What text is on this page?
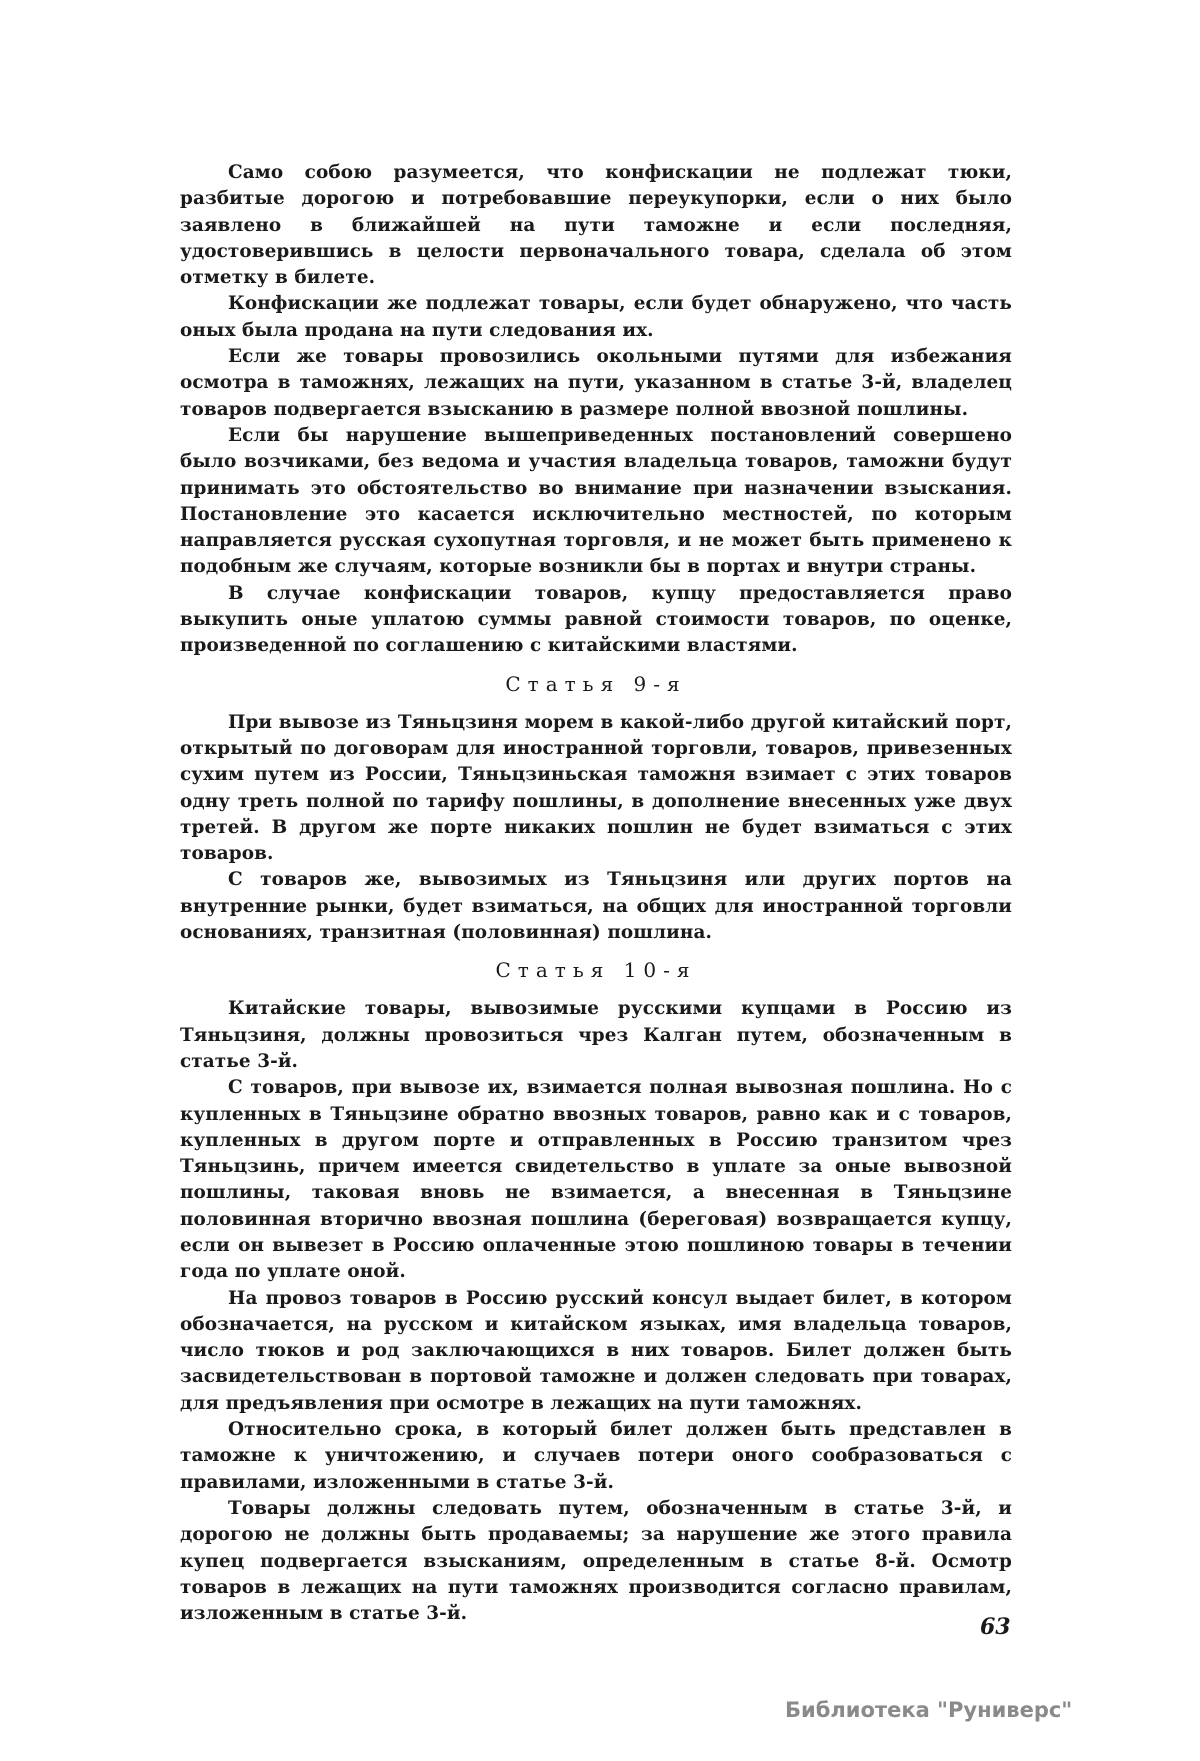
Само собою разумеется, что конфискации не подлежат тюки, разбитые дорогою и потребовавшие переукупорки, если о них было заявлено в ближайшей на пути таможне и если последняя, удостоверившись в целости первоначального товара, сделала об этом отметку в билете.

Конфискации же подлежат товары, если будет обнаружено, что часть оных была продана на пути следования их.

Если же товары провозились окольными путями для избежания осмотра в таможнях, лежащих на пути, указанном в статье 3-й, владелец товаров подвергается взысканию в размере полной ввозной пошлины.

Если бы нарушение вышеприведенных постановлений совершено было возчиками, без ведома и участия владельца товаров, таможни будут принимать это обстоятельство во внимание при назначении взыскания. Постановление это касается исключительно местностей, по которым направляется русская сухопутная торговля, и не может быть применено к подобным же случаям, которые возникли бы в портах и внутри страны.

В случае конфискации товаров, купцу предоставляется право выкупить оные уплатою суммы равной стоимости товаров, по оценке, произведенной по соглашению с китайскими властями.

Статья 9-я

При вывозе из Тяньцзиня морем в какой-либо другой китайский порт, открытый по договорам для иностранной торговли, товаров, привезенных сухим путем из России, Тяньцзиньская таможня взимает с этих товаров одну треть полной по тарифу пошлины, в дополнение внесенных уже двух третей. В другом же порте никаких пошлин не будет взиматься с этих товаров.

С товаров же, вывозимых из Тяньцзиня или других портов на внутренние рынки, будет взиматься, на общих для иностранной торговли основаниях, транзитная (половинная) пошлина.

Статья 10-я

Китайские товары, вывозимые русскими купцами в Россию из Тяньцзиня, должны провозиться чрез Калган путем, обозначенным в статье 3-й.

С товаров, при вывозе их, взимается полная вывозная пошлина. Но с купленных в Тяньцзине обратно ввозных товаров, равно как и с товаров, купленных в другом порте и отправленных в Россию транзитом чрез Тяньцзинь, причем имеется свидетельство в уплате за оные вывозной пошлины, таковая вновь не взимается, а внесенная в Тяньцзине половинная вторично ввозная пошлина (береговая) возвращается купцу, если он вывезет в Россию оплаченные этою пошлиною товары в течении года по уплате оной.

На провоз товаров в Россию русский консул выдает билет, в котором обозначается, на русском и китайском языках, имя владельца товаров, число тюков и род заключающихся в них товаров. Билет должен быть засвидетельствован в портовой таможне и должен следовать при товарах, для предъявления при осмотре в лежащих на пути таможнях.

Относительно срока, в который билет должен быть представлен в таможне к уничтожению, и случаев потери оного сообразоваться с правилами, изложенными в статье 3-й.

Товары должны следовать путем, обозначенным в статье 3-й, и дорогою не должны быть продаваемы; за нарушение же этого правила купец подвергается взысканиям, определенным в статье 8-й. Осмотр товаров в лежащих на пути таможнях производится согласно правилам, изложенным в статье 3-й.

63
Библиотека "Руниверс"
